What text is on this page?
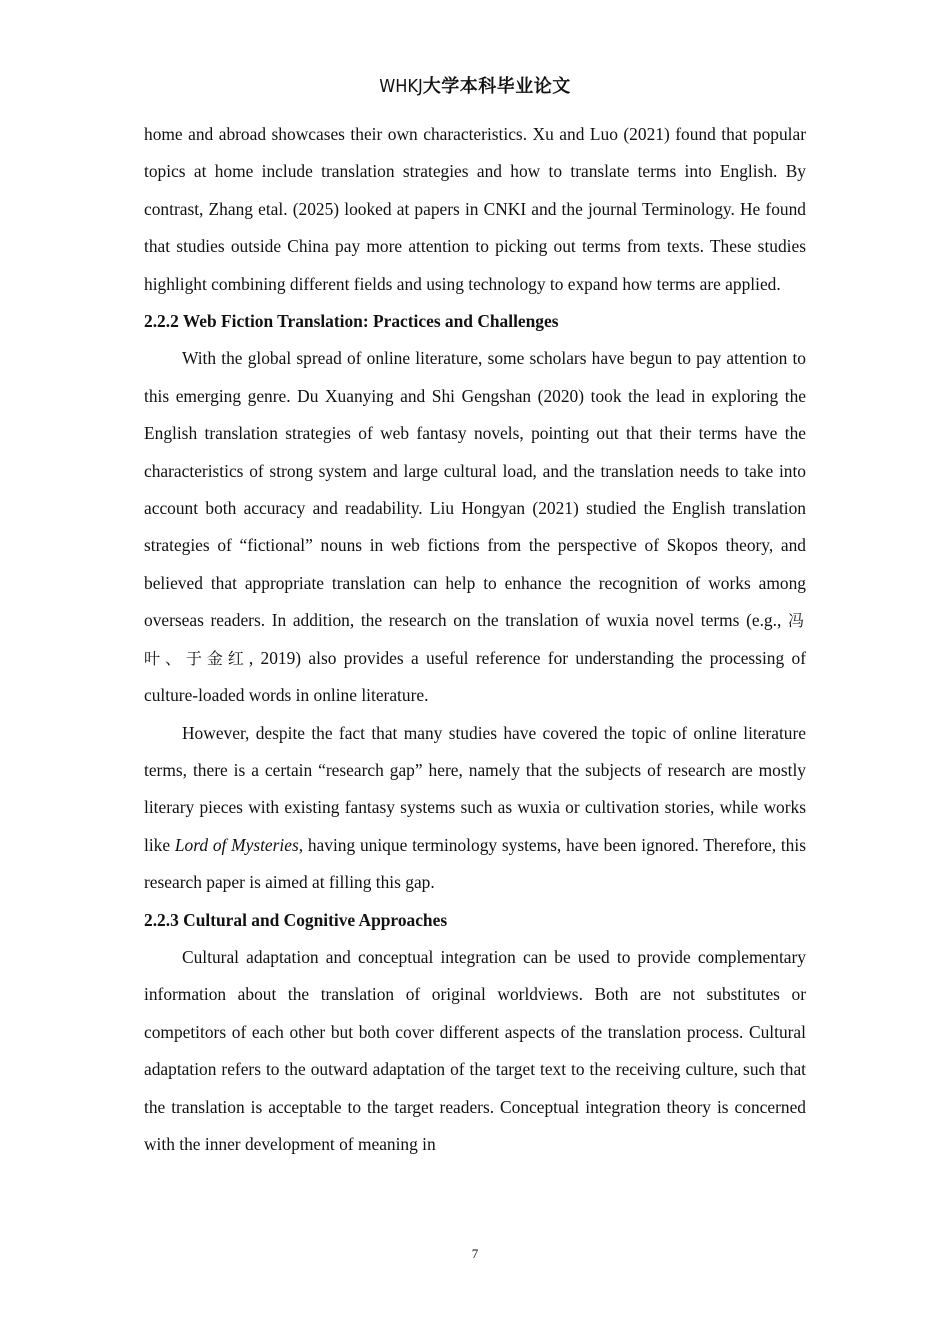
WHKJ大学本科毕业论文

home and abroad showcases their own characteristics. Xu and Luo (2021) found that popular topics at home include translation strategies and how to translate terms into English. By contrast, Zhang etal. (2025) looked at papers in CNKI and the journal Terminology. He found that studies outside China pay more attention to picking out terms from texts. These studies highlight combining different fields and using technology to expand how terms are applied.

2.2.2 Web Fiction Translation: Practices and Challenges

With the global spread of online literature, some scholars have begun to pay attention to this emerging genre. Du Xuanying and Shi Gengshan (2020) took the lead in exploring the English translation strategies of web fantasy novels, pointing out that their terms have the characteristics of strong system and large cultural load, and the translation needs to take into account both accuracy and readability. Liu Hongyan (2021) studied the English translation strategies of “fictional” nouns in web fictions from the perspective of Skopos theory, and believed that appropriate translation can help to enhance the recognition of works among overseas readers. In addition, the research on the translation of wuxia novel terms (e.g., 冯叶、于金红, 2019) also provides a useful reference for understanding the processing of culture-loaded words in online literature.

However, despite the fact that many studies have covered the topic of online literature terms, there is a certain “research gap” here, namely that the subjects of research are mostly literary pieces with existing fantasy systems such as wuxia or cultivation stories, while works like Lord of Mysteries, having unique terminology systems, have been ignored. Therefore, this research paper is aimed at filling this gap.

2.2.3 Cultural and Cognitive Approaches

Cultural adaptation and conceptual integration can be used to provide complementary information about the translation of original worldviews. Both are not substitutes or competitors of each other but both cover different aspects of the translation process. Cultural adaptation refers to the outward adaptation of the target text to the receiving culture, such that the translation is acceptable to the target readers. Conceptual integration theory is concerned with the inner development of meaning in

7
